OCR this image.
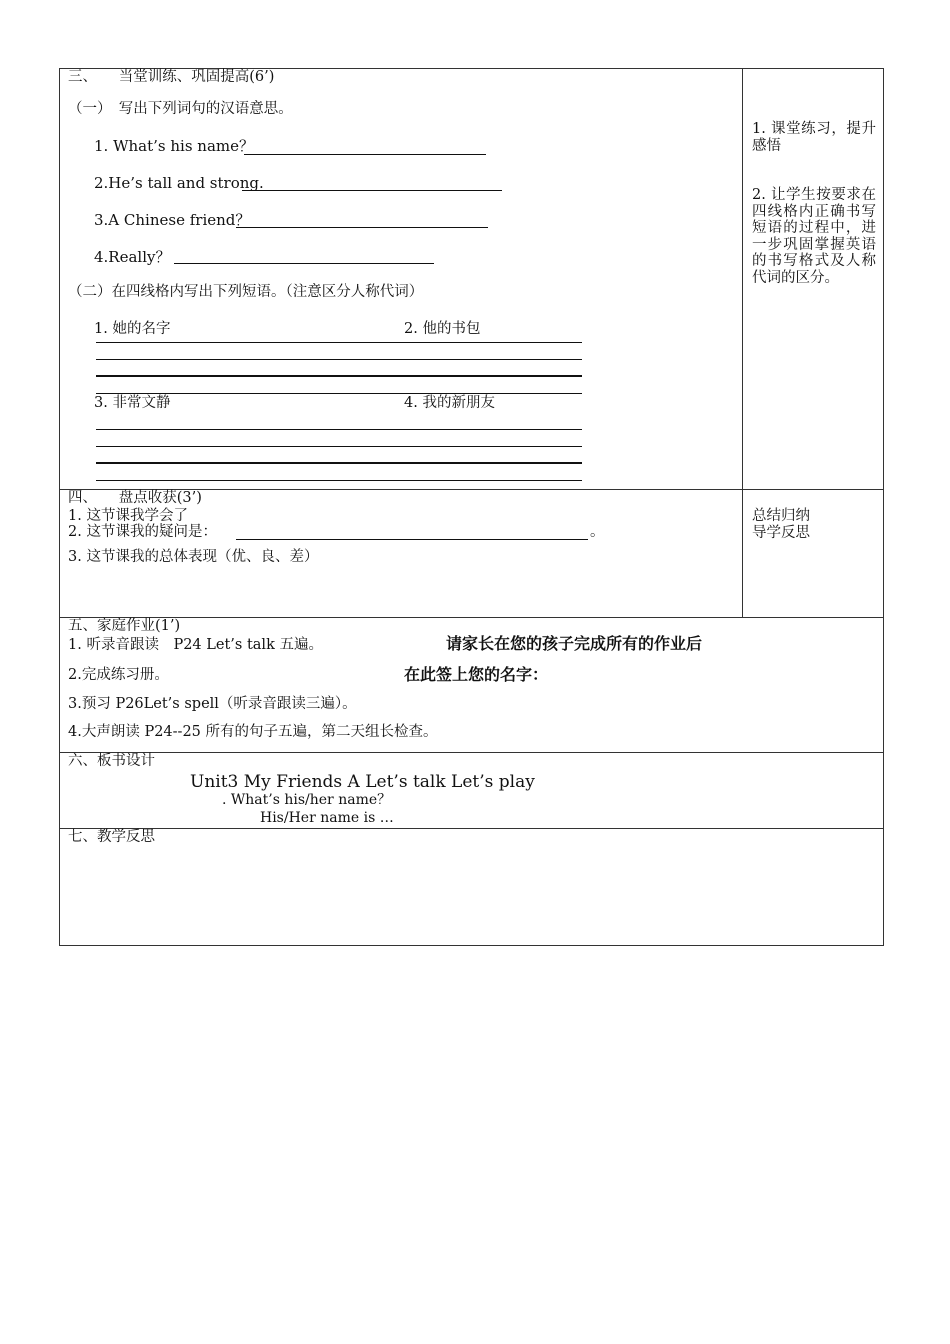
三、　　当堂训练、巩固提高(6’)
（一）　写出下列词句的汉语意思。
1. What’s his name？
2.He’s tall and strong.
3.A Chinese friend？
4.Really？
（二）在四线格内写出下列短语。（注意区分人称代词）
1. 她的名字	2. 他的书包
3. 非常文静	4. 我的新朋友
1. 课堂练习，提升感悟
2. 让学生按要求在四线格内正确书写短语的过程中，进一步巩固掌握英语的书写格式及人称代词的区分。
四、　　盘点收获(3’)
1. 这节课我学会了
2. 这节课我的疑问是：	。
3. 这节课我的总体表现（优、良、差）
总结归纳
导学反思
五、家庭作业(1’)
1. 听录音跟读　P24 Let’s talk 五遍。
2.完成练习册。
3.预习 P26Let’s spell（听录音跟读三遍）。
4.大声朗读 P24--25 所有的句子五遍，第二天组长检查。
请家长在您的孩子完成所有的作业后
在此签上您的名字：
六、板书设计
Unit3 My Friends A Let’s talk Let’s play
. What’s his/her name？
His/Her name is …
七、教学反思
